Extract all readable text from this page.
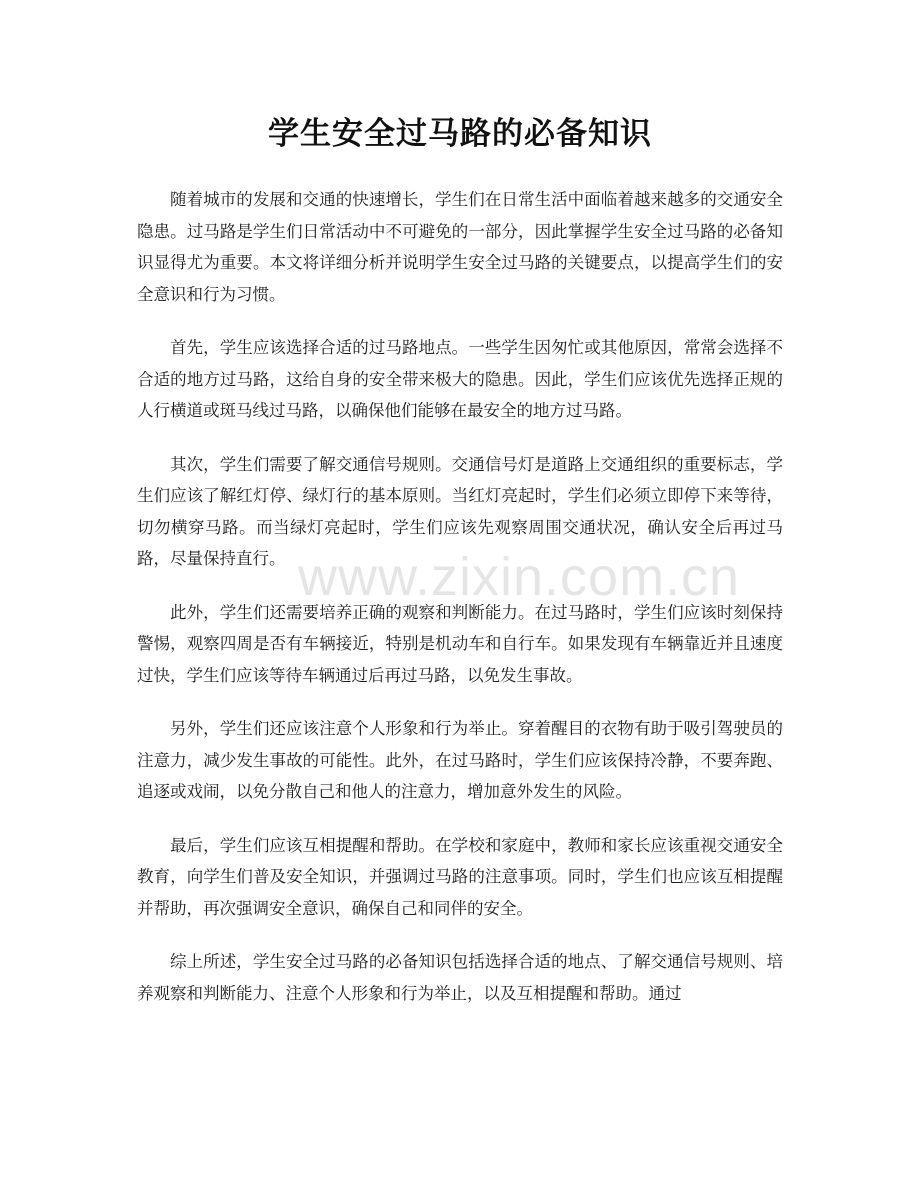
学生安全过马路的必备知识

随着城市的发展和交通的快速增长，学生们在日常生活中面临着越来越多的交通安全隐患。过马路是学生们日常活动中不可避免的一部分，因此掌握学生安全过马路的必备知识显得尤为重要。本文将详细分析并说明学生安全过马路的关键要点，以提高学生们的安全意识和行为习惯。

首先，学生应该选择合适的过马路地点。一些学生因匆忙或其他原因，常常会选择不合适的地方过马路，这给自身的安全带来极大的隐患。因此，学生们应该优先选择正规的人行横道或斑马线过马路，以确保他们能够在最安全的地方过马路。

其次，学生们需要了解交通信号规则。交通信号灯是道路上交通组织的重要标志，学生们应该了解红灯停、绿灯行的基本原则。当红灯亮起时，学生们必须立即停下来等待，切勿横穿马路。而当绿灯亮起时，学生们应该先观察周围交通状况，确认安全后再过马路，尽量保持直行。

此外，学生们还需要培养正确的观察和判断能力。在过马路时，学生们应该时刻保持警惕，观察四周是否有车辆接近，特别是机动车和自行车。如果发现有车辆靠近并且速度过快，学生们应该等待车辆通过后再过马路，以免发生事故。

另外，学生们还应该注意个人形象和行为举止。穿着醒目的衣物有助于吸引驾驶员的注意力，减少发生事故的可能性。此外，在过马路时，学生们应该保持冷静，不要奔跑、追逐或戏闹，以免分散自己和他人的注意力，增加意外发生的风险。

最后，学生们应该互相提醒和帮助。在学校和家庭中，教师和家长应该重视交通安全教育，向学生们普及安全知识，并强调过马路的注意事项。同时，学生们也应该互相提醒并帮助，再次强调安全意识，确保自己和同伴的安全。

综上所述，学生安全过马路的必备知识包括选择合适的地点、了解交通信号规则、培养观察和判断能力、注意个人形象和行为举止，以及互相提醒和帮助。通过

www.zixin.com.cn
